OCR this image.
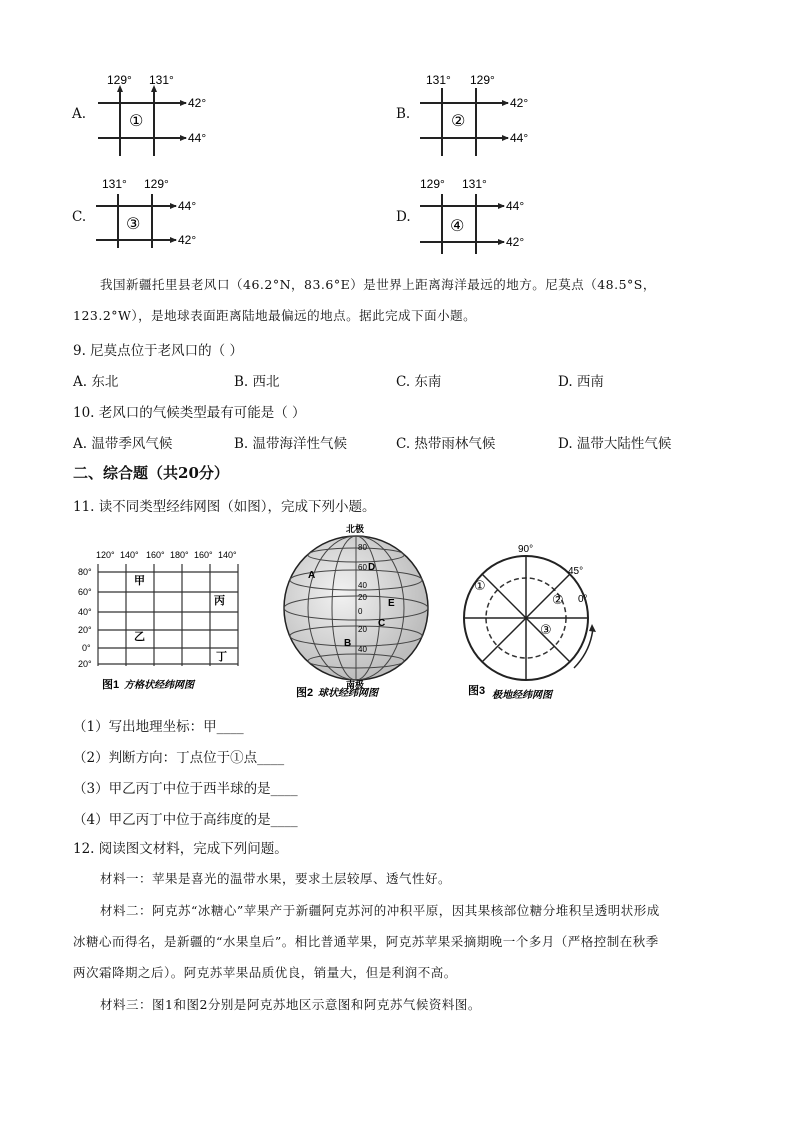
A.
129° 131°
42°
44°
①	B.
131° 129°
42°
44°
②
C.
131° 129°
44°
42°
③	D.
129° 131°
44°
42°
④
我国新疆托里县老风口（46.2°N，83.6°E）是世界上距离海洋最远的地方。尼莫点（48.5°S，
123.2°W），是地球表面距离陆地最偏远的地点。据此完成下面小题。
9. 尼莫点位于老风口的（ ）
A. 东北	B. 西北	C. 东南	D. 西南
10. 老风口的气候类型最有可能是（ ）
A. 温带季风气候	B. 温带海洋性气候	C. 热带雨林气候	D. 温带大陆性气候
二、综合题（共20分）
11. 读不同类型经纬网图（如图），完成下列小题。
120° 140° 160° 180° 160° 140°
80°
60°
40°
20°
0°
20°
甲
乙
丙
丁
图1 方格状经纬网图
80
60
40
20
0
20
40
A
B
C
D
E
北极
南极
图2 球状经纬网图
90°
45°
0°
①
②
③
图3 极地经纬网图
（1）写出地理坐标：甲____
（2）判断方向：丁点位于①点____
（3）甲乙丙丁中位于西半球的是____
（4）甲乙丙丁中位于高纬度的是____
12. 阅读图文材料，完成下列问题。
材料一：苹果是喜光的温带水果，要求土层较厚、透气性好。
材料二：阿克苏“冰糖心”苹果产于新疆阿克苏河的冲积平原，因其果核部位糖分堆积呈透明状形成
冰糖心而得名，是新疆的“水果皇后”。相比普通苹果，阿克苏苹果采摘期晚一个多月（严格控制在秋季
两次霜降期之后）。阿克苏苹果品质优良，销量大，但是利润不高。
材料三：图1和图2分别是阿克苏地区示意图和阿克苏气候资料图。
